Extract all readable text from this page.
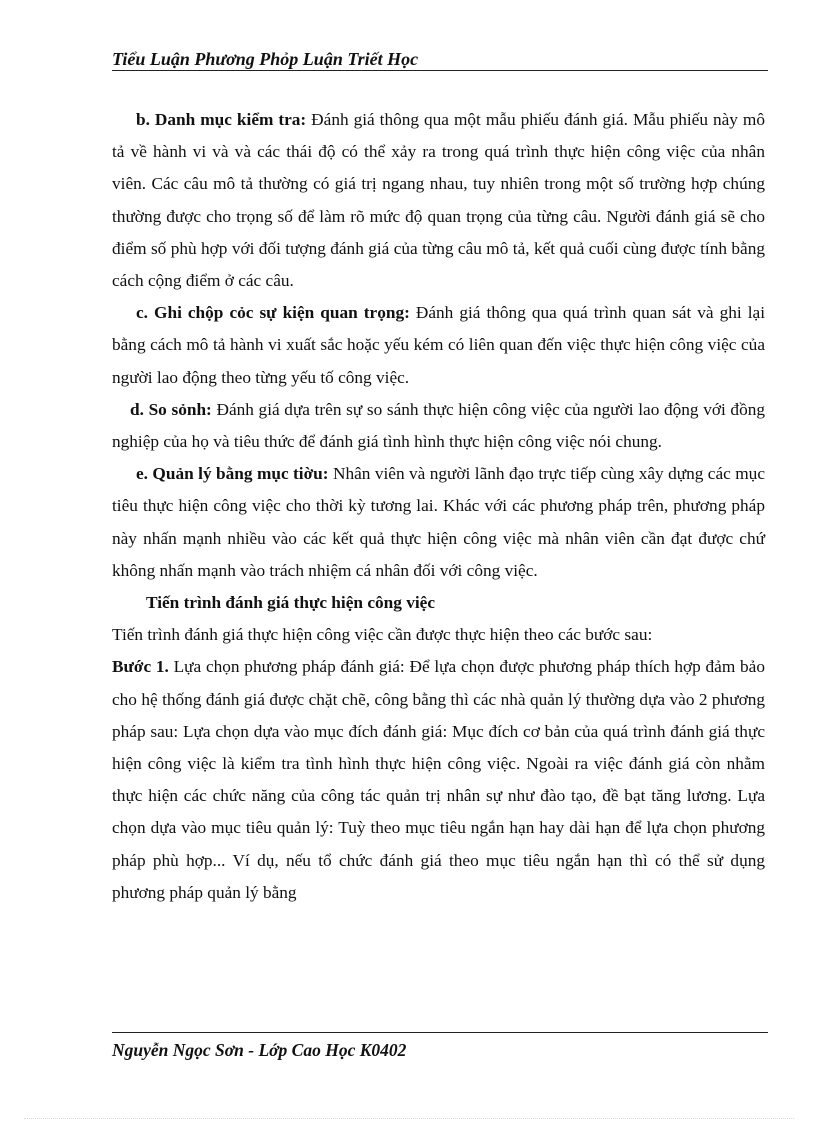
Tiểu Luận Phương Phỏp Luận Triết Học

b. Danh mục kiểm tra: Đánh giá thông qua một mẫu phiếu đánh giá. Mẫu phiếu này mô tả về hành vi và và các thái độ có thể xảy ra trong quá trình thực hiện công việc của nhân viên. Các câu mô tả thường có giá trị ngang nhau, tuy nhiên trong một số trường hợp chúng thường được cho trọng số để làm rõ mức độ quan trọng của từng câu. Người đánh giá sẽ cho điểm số phù hợp với đối tượng đánh giá của từng câu mô tả, kết quả cuối cùng được tính bằng cách cộng điểm ở các câu.

c. Ghi chộp cỏc sự kiện quan trọng: Đánh giá thông qua quá trình quan sát và ghi lại bằng cách mô tả hành vi xuất sắc hoặc yếu kém có liên quan đến việc thực hiện công việc của người lao động theo từng yếu tố công việc.

d. So sỏnh: Đánh giá dựa trên sự so sánh thực hiện công việc của người lao động với đồng nghiệp của họ và tiêu thức để đánh giá tình hình thực hiện công việc nói chung.

e. Quản lý bằng mục tiờu: Nhân viên và người lãnh đạo trực tiếp cùng xây dựng các mục tiêu thực hiện công việc cho thời kỳ tương lai. Khác với các phương pháp trên, phương pháp này nhấn mạnh nhiều vào các kết quả thực hiện công việc mà nhân viên cần đạt được chứ không nhấn mạnh vào trách nhiệm cá nhân đối với công việc.

Tiến trình đánh giá thực hiện công việc

Tiến trình đánh giá thực hiện công việc cần được thực hiện theo các bước sau:

Bước 1. Lựa chọn phương pháp đánh giá: Để lựa chọn được phương pháp thích hợp đảm bảo cho hệ thống đánh giá được chặt chẽ, công bằng thì các nhà quản lý thường dựa vào 2 phương pháp sau: Lựa chọn dựa vào mục đích đánh giá: Mục đích cơ bản của quá trình đánh giá thực hiện công việc là kiểm tra tình hình thực hiện công việc. Ngoài ra việc đánh giá còn nhằm thực hiện các chức năng của công tác quản trị nhân sự như đào tạo, đề bạt tăng lương. Lựa chọn dựa vào mục tiêu quản lý: Tuỳ theo mục tiêu ngắn hạn hay dài hạn để lựa chọn phương pháp phù hợp... Ví dụ, nếu tổ chức đánh giá theo mục tiêu ngắn hạn thì có thể sử dụng phương pháp quản lý bằng

Nguyễn Ngọc Sơn - Lớp Cao Học K0402
